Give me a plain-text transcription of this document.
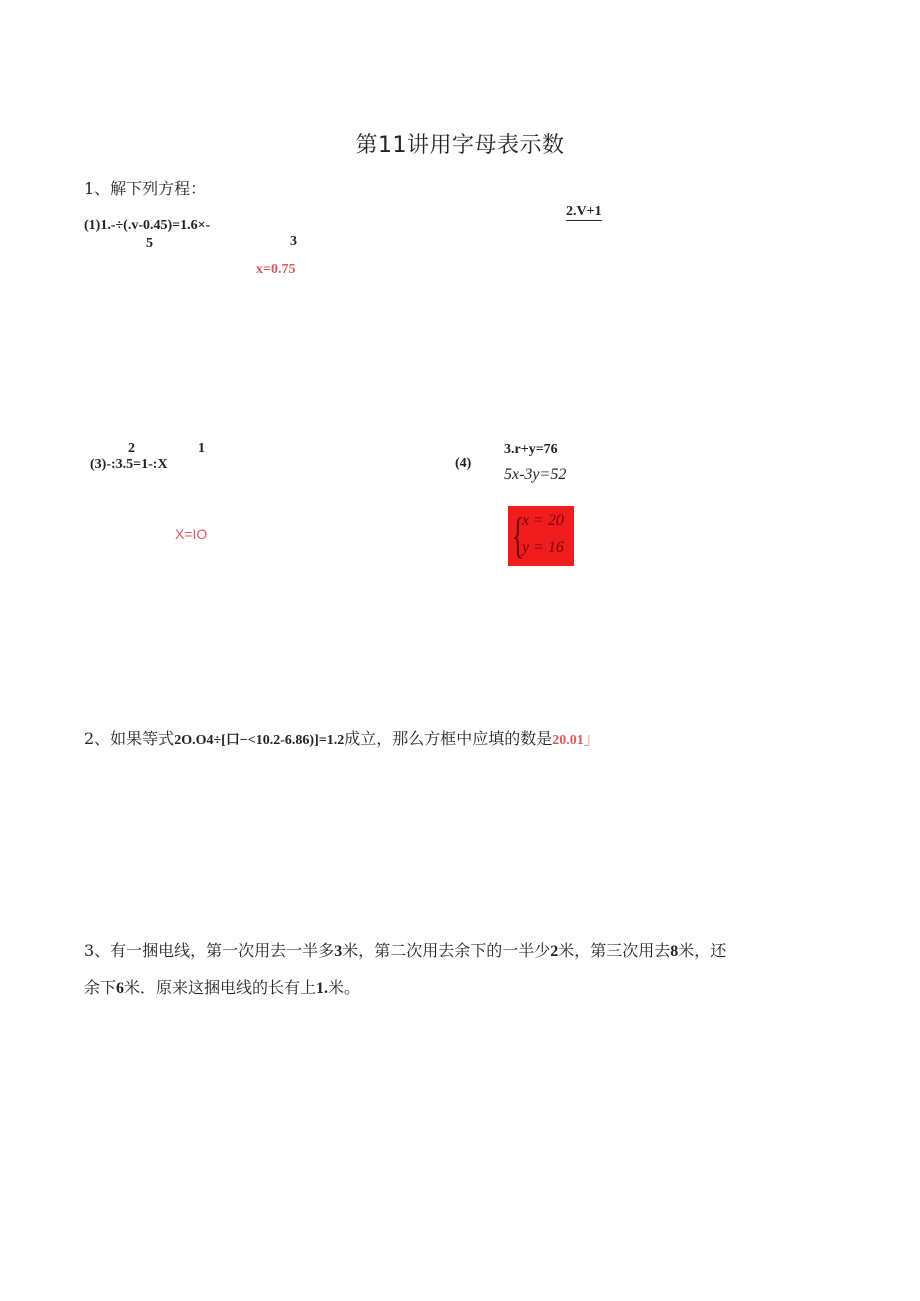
第11讲用字母表示数
1、解下列方程：
(1)1.-÷(.v-0.45)=1.6×-
5	3
x=0.75
2.V+1
2	1
(3)-:3.5=1-:X
X=IO
(4)
3.r+y=76
5x-3y=52
{
x = 20
y = 16
2、如果等式2O.O4÷[口−<10.2-6.86)]=1.2成立，那么方框中应填的数是20.01」
3、有一捆电线，第一次用去一半多3米，第二次用去余下的一半少2米，第三次用去8米，还
余下6米．原来这捆电线的长有上1.米。
